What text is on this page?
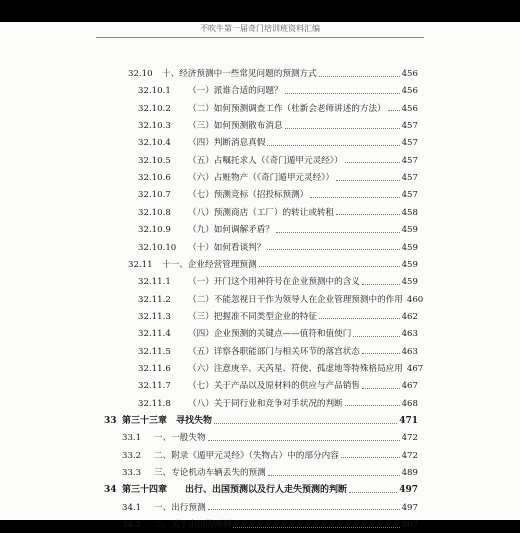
不吹牛第一届奇门培训班资料汇编
32.10	十、经济预测中一些常见问题的预测方式	456
32.10.1	（一）派谁合适的问题？	456
32.10.2	（二）如何预测调查工作（杜新会老师讲述的方法） 456
32.10.3	（三）如何预测散布消息	457
32.10.4	（四）判断消息真假	457
32.10.5	（五）占嘱托求人（《奇门遁甲元灵经》）	457
32.10.6	（六）占赃物产（《奇门遁甲元灵经》）	457
32.10.7	（七）预测竞标（招投标预测）	457
32.10.8	（八）预测商店（工厂）的转让或转租	458
32.10.9	（九）如何调解矛盾？	459
32.10.10	（十）如何看谈判？	459
32.11	十一、企业经营管理预测	459
32.11.1	（一）开门这个用神符号在企业预测中的含义	459
32.11.2	（二）不能忽视日干作为领导人在企业管理预测中的作用 460
32.11.3	（三）把握准不同类型企业的特征	462
32.11.4	（四）企业预测的关键点——值符和值使门	463
32.11.5	（五）详察各职能部门与相关环节的落宫状态	463
32.11.6	（六）注意庚辛、天芮星、符使、孤虚地等特殊格局应用 467
32.11.7	（七）关于产品以及原材料的供应与产品销售	467
32.11.8	（八）关于同行业和竞争对手状况的判断	468
33 第三十三章　寻找失物	471
33.1	一、一般失物	472
33.2	二、附录《遁甲元灵经》（失物占）中的部分内容	472
33.3	三、专论机动车辆丢失的预测	489
34 第三十四章　　出行、出国预测以及行人走失预测的判断	497
34.1	一、出行预测	497
34.2	二、关于出国的预测	507
